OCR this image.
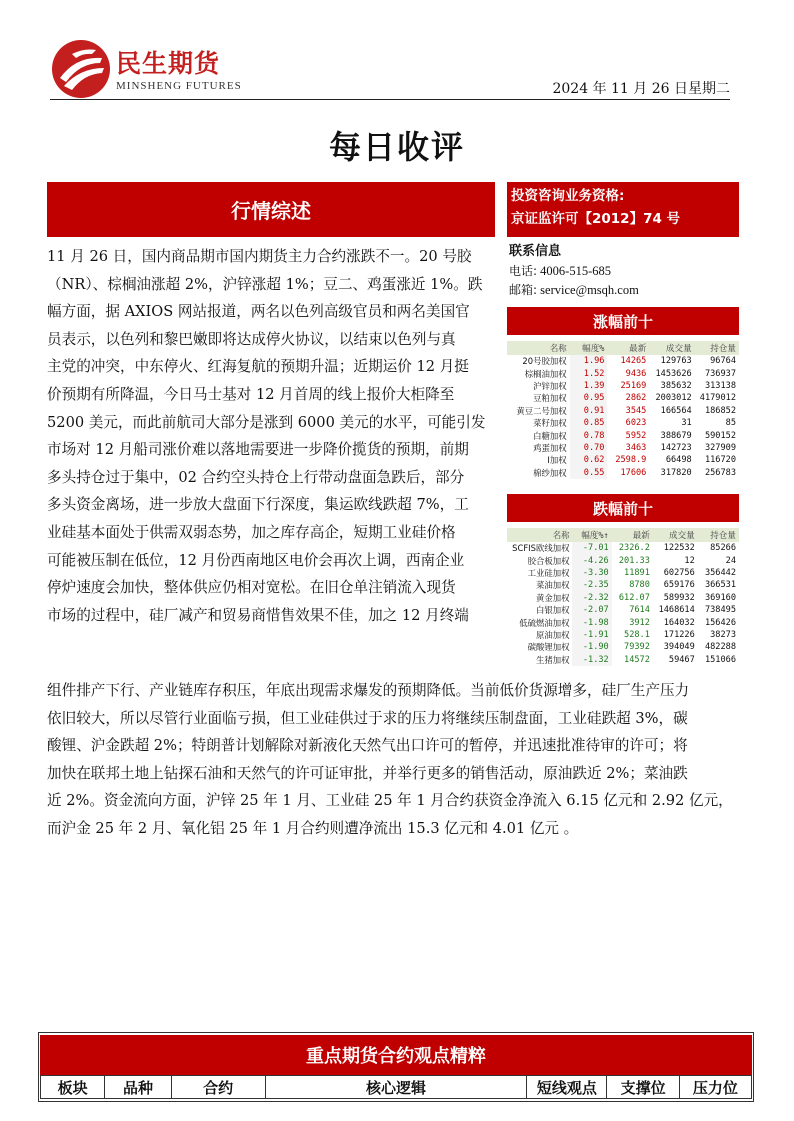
民生期货
MINSHENG FUTURES	2024 年 11 月 26 日星期二
每日收评
行情综述
投资咨询业务资格:
京证监许可【2012】74 号
联系信息
电话: 4006-515-685
邮箱: service@msqh.com
11 月 26 日，国内商品期市国内期货主力合约涨跌不一。20 号胶
（NR）、棕榈油涨超 2%，沪锌涨超 1%；豆二、鸡蛋涨近 1%。跌
幅方面，据 AXIOS 网站报道，两名以色列高级官员和两名美国官
员表示，以色列和黎巴嫩即将达成停火协议，以结束以色列与真
主党的冲突，中东停火、红海复航的预期升温；近期运价 12 月挺
价预期有所降温，今日马士基对 12 月首周的线上报价大柜降至
5200 美元，而此前航司大部分是涨到 6000 美元的水平，可能引发
市场对 12 月船司涨价难以落地需要进一步降价揽货的预期，前期
多头持仓过于集中，02 合约空头持仓上行带动盘面急跌后，部分
多头资金离场，进一步放大盘面下行深度，集运欧线跌超 7%，工
业硅基本面处于供需双弱态势，加之库存高企，短期工业硅价格
可能被压制在低位，12 月份西南地区电价会再次上调，西南企业
停炉速度会加快，整体供应仍相对宽松。在旧仓单注销流入现货
市场的过程中，硅厂减产和贸易商惜售效果不佳，加之 12 月终端
组件排产下行、产业链库存积压，年底出现需求爆发的预期降低。当前低价货源增多，硅厂生产压力
依旧较大，所以尽管行业面临亏损，但工业硅供过于求的压力将继续压制盘面，工业硅跌超 3%，碳
酸锂、沪金跌超 2%；特朗普计划解除对新液化天然气出口许可的暂停，并迅速批准待审的许可；将
加快在联邦土地上钻探石油和天然气的许可证审批，并举行更多的销售活动，原油跌近 2%；菜油跌
近 2%。资金流向方面，沪锌 25 年 1 月、工业硅 25 年 1 月合约获资金净流入 6.15 亿元和 2.92 亿元，
而沪金 25 年 2 月、氧化铝 25 年 1 月合约则遭净流出 15.3 亿元和 4.01 亿元 。
涨幅前十
名称	幅度%	最新	成交量	持仓量
20号胶加权	1.96	14265	129763	96764
棕榈油加权	1.52	9436	1453626	736937
沪锌加权	1.39	25169	385632	313138
豆粕加权	0.95	2862	2003012	4179012
黄豆二号加权	0.91	3545	166564	186852
菜籽加权	0.85	6023	31	85
白糖加权	0.78	5952	388679	590152
鸡蛋加权	0.70	3463	142723	327909
I加权	0.62	2598.9	66498	116720
棉纱加权	0.55	17606	317820	256783
跌幅前十
名称	幅度%↑	最新	成交量	持仓量
SCFIS欧线加权	-7.01	2326.2	122532	85266
胶合板加权	-4.26	201.33	12	24
工业硅加权	-3.30	11891	602756	356442
菜油加权	-2.35	8780	659176	366531
黄金加权	-2.32	612.07	589932	369160
白银加权	-2.07	7614	1468614	738495
低硫燃油加权	-1.98	3912	164032	156426
原油加权	-1.91	528.1	171226	38273
碳酸锂加权	-1.90	79392	394049	482288
生猪加权	-1.32	14572	59467	151066
重点期货合约观点精粹
板块	品种	合约	核心逻辑	短线观点	支撑位	压力位
